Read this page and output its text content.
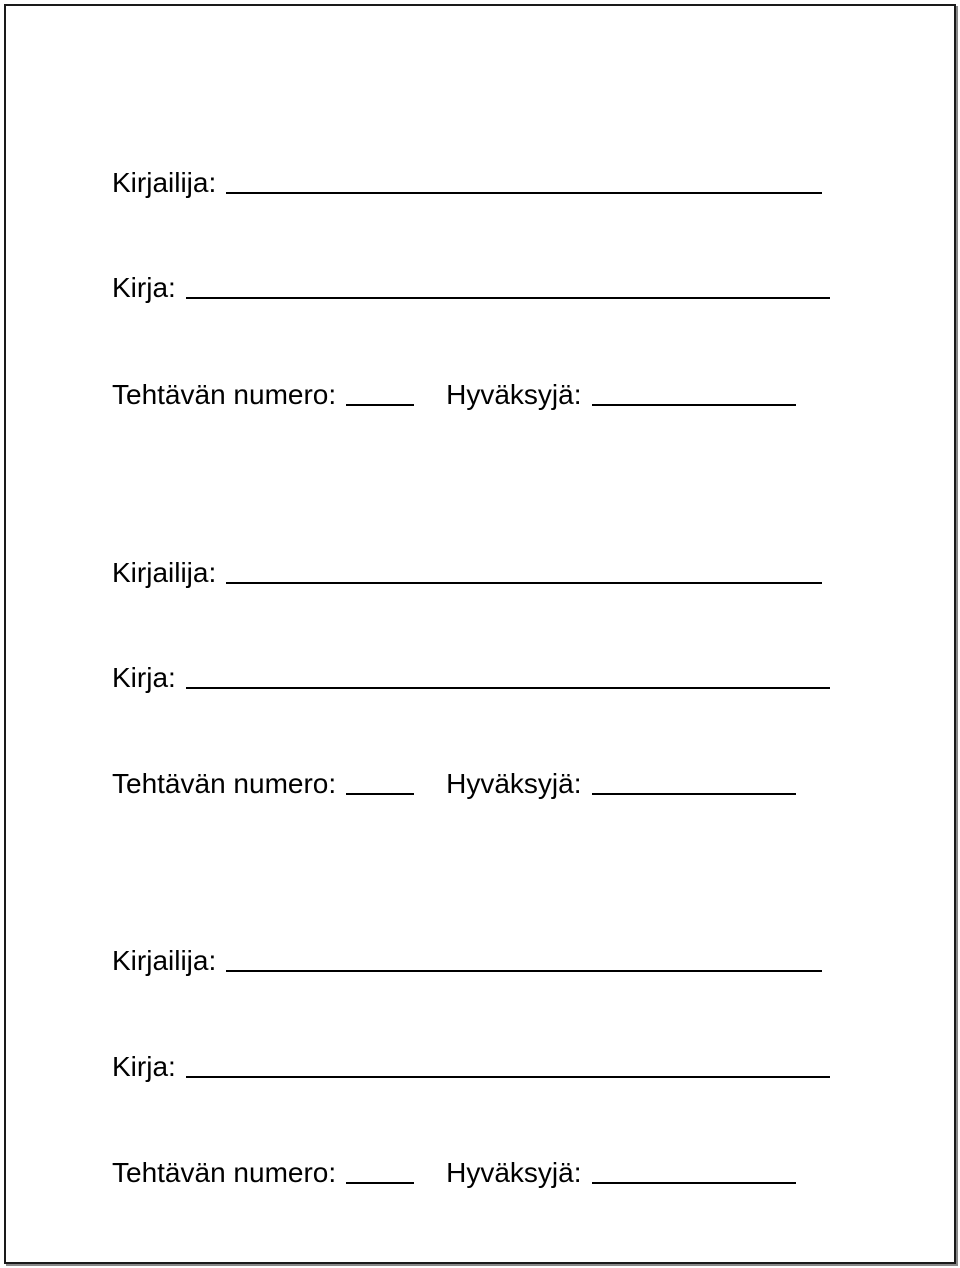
Kirjailija:
Kirja:
Tehtävän numero:	Hyväksyjä:
Kirjailija:
Kirja:
Tehtävän numero:	Hyväksyjä:
Kirjailija:
Kirja:
Tehtävän numero:	Hyväksyjä:
